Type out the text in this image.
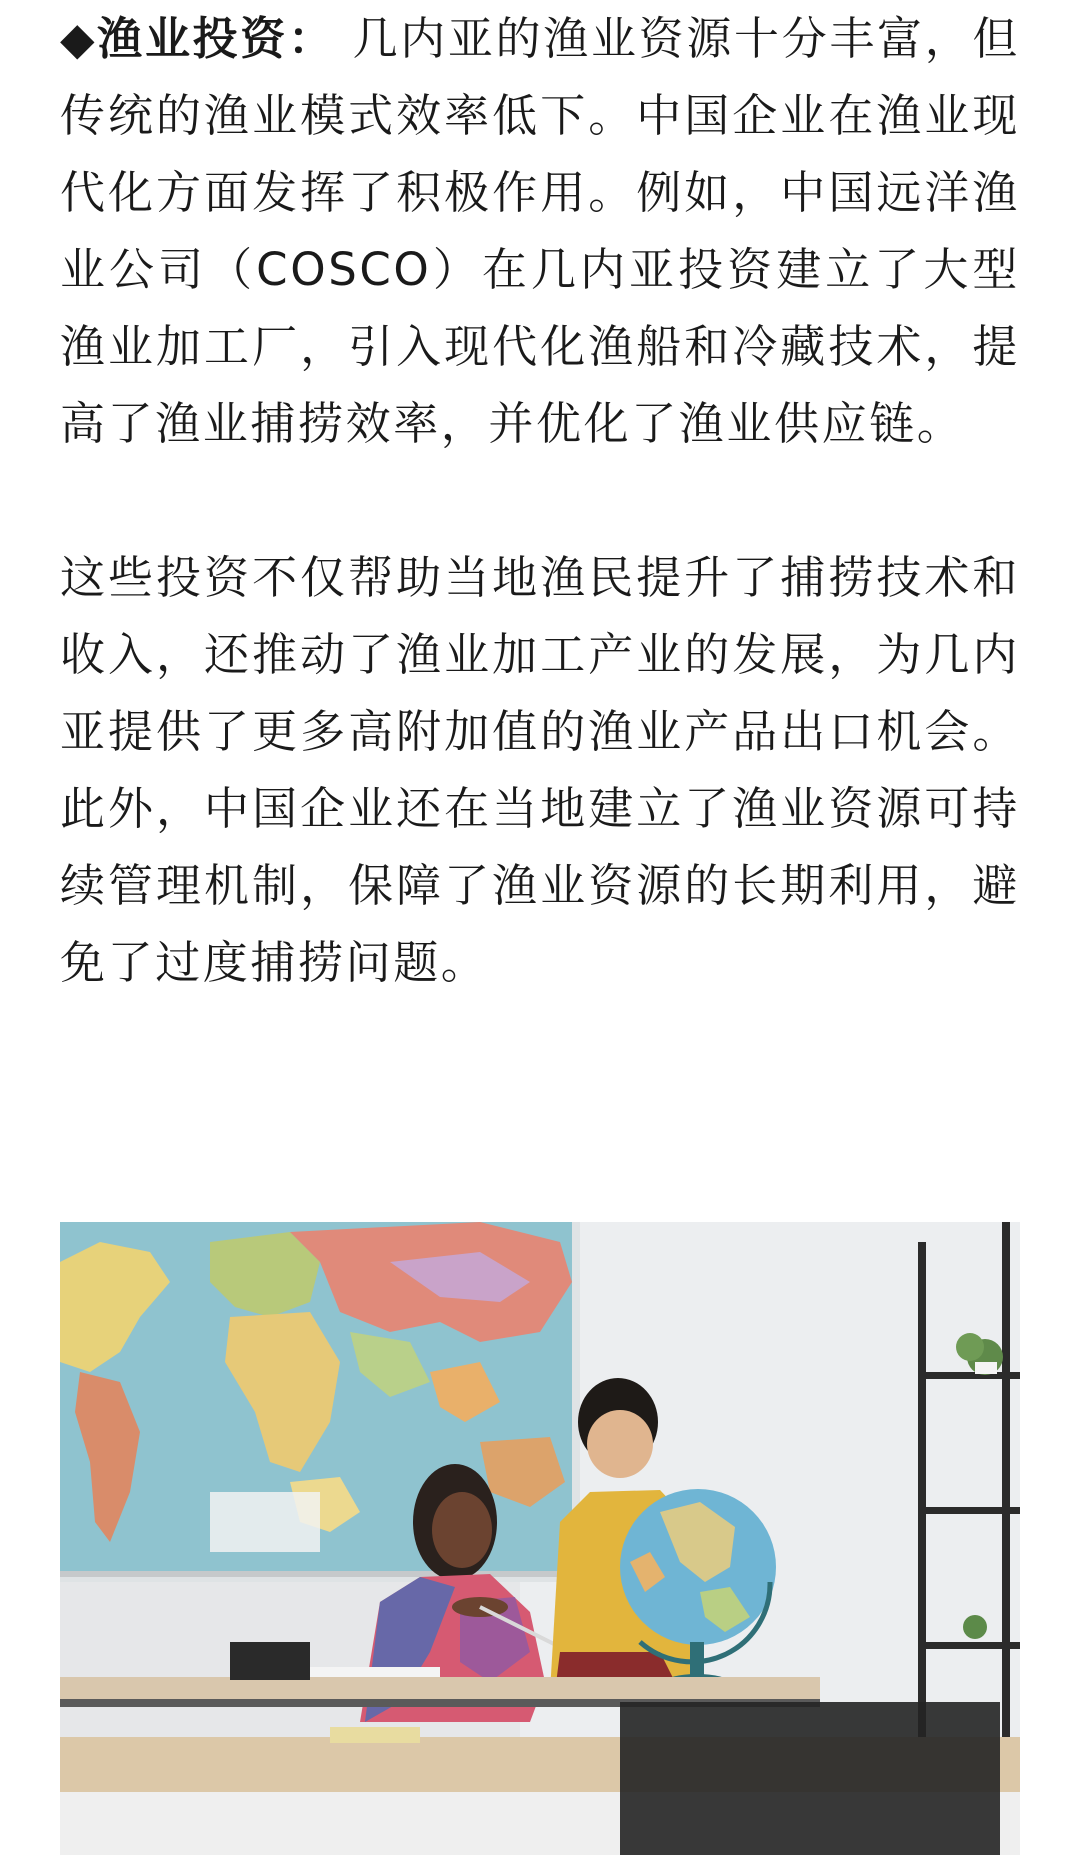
◆渔业投资： 几内亚的渔业资源十分丰富，但传统的渔业模式效率低下。中国企业在渔业现代化方面发挥了积极作用。例如，中国远洋渔业公司（COSCO）在几内亚投资建立了大型渔业加工厂，引入现代化渔船和冷藏技术，提高了渔业捕捞效率，并优化了渔业供应链。

这些投资不仅帮助当地渔民提升了捕捞技术和收入，还推动了渔业加工产业的发展，为几内亚提供了更多高附加值的渔业产品出口机会。此外，中国企业还在当地建立了渔业资源可持续管理机制，保障了渔业资源的长期利用，避免了过度捕捞问题。
